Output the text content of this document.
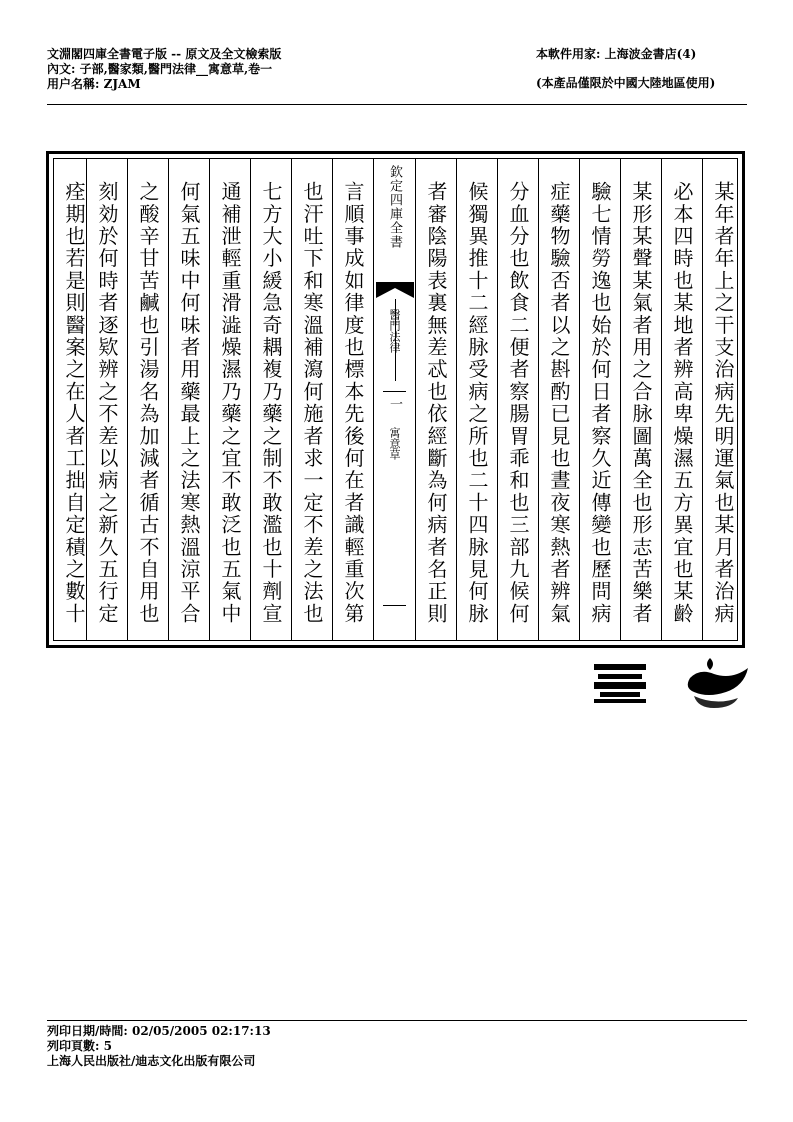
文淵閣四庫全書電子版 -- 原文及全文檢索版
內文: 子部,醫家類,醫門法律__寓意草,卷一
用户名稱: ZJAM
本軟件用家: 上海波金書店(4)
(本產品僅限於中國大陸地區使用)
某年者年上之干支治病先明運氣也某月者治病
必本四時也某地者辨高卑燥濕五方異宜也某齡
某形某聲某氣者用之合脉圖萬全也形志苦樂者
驗七情勞逸也始於何日者察久近傳變也歷問病
症藥物驗否者以之斟酌已見也晝夜寒熱者辨氣
分血分也飲食二便者察腸胃乖和也三部九候何
候獨異推十二經脉受病之所也二十四脉見何脉
者審陰陽表裏無差忒也依經斷為何病者名正則
欽定四庫全書
醫門法律
一
寓意草
言順事成如律度也標本先後何在者識輕重次第
也汗吐下和寒溫補瀉何施者求一定不差之法也
七方大小緩急奇耦複乃藥之制不敢濫也十劑宣
通補泄輕重滑澁燥濕乃藥之宜不敢泛也五氣中
何氣五味中何味者用藥最上之法寒熱溫涼平合
之酸辛甘苦鹹也引湯名為加減者循古不自用也
刻効於何時者逐欵辨之不差以病之新久五行定
痊期也若是則醫案之在人者工拙自定積之數十
列印日期/時間: 02/05/2005 02:17:13
列印頁數: 5
上海人民出版社/迪志文化出版有限公司
